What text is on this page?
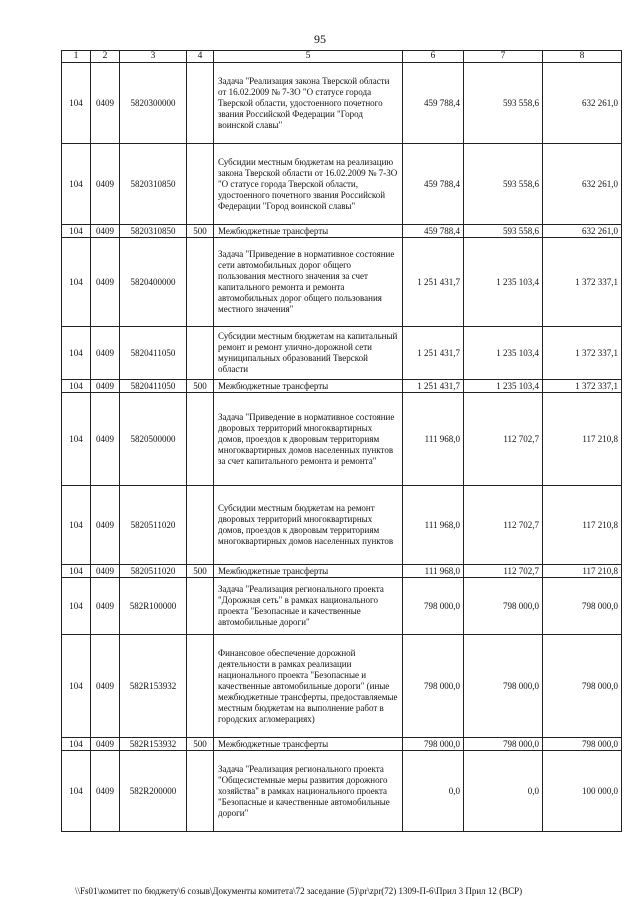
95
1	2	3	4	5	6	7	8
104	0409	5820300000		Задача "Реализация закона Тверской области от 16.02.2009 № 7-ЗО "О статусе города Тверской области, удостоенного почетного звания Российской Федерации "Город воинской славы"	459 788,4	593 558,6	632 261,0
104	0409	5820310850		Субсидии местным бюджетам на реализацию закона Тверской области от 16.02.2009 № 7-ЗО "О статусе города Тверской области, удостоенного почетного звания Российской Федерации "Город воинской славы"	459 788,4	593 558,6	632 261,0
104	0409	5820310850	500	Межбюджетные трансферты	459 788,4	593 558,6	632 261,0
104	0409	5820400000		Задача "Приведение в нормативное состояние сети автомобильных дорог общего пользования местного значения за счет капитального ремонта и ремонта автомобильных дорог общего пользования местного значения"	1 251 431,7	1 235 103,4	1 372 337,1
104	0409	5820411050		Субсидии местным бюджетам на капитальный ремонт и ремонт улично-дорожной сети муниципальных образований Тверской области	1 251 431,7	1 235 103,4	1 372 337,1
104	0409	5820411050	500	Межбюджетные трансферты	1 251 431,7	1 235 103,4	1 372 337,1
104	0409	5820500000		Задача "Приведение в нормативное состояние дворовых территорий многоквартирных домов, проездов к дворовым территориям многоквартирных домов населенных пунктов за счет капитального ремонта и ремонта"	111 968,0	112 702,7	117 210,8
104	0409	5820511020		Субсидии местным бюджетам на ремонт дворовых территорий многоквартирных домов, проездов к дворовым территориям многоквартирных домов населенных пунктов	111 968,0	112 702,7	117 210,8
104	0409	5820511020	500	Межбюджетные трансферты	111 968,0	112 702,7	117 210,8
104	0409	582R100000		Задача "Реализация регионального проекта "Дорожная сеть" в рамках национального проекта "Безопасные и качественные автомобильные дороги"	798 000,0	798 000,0	798 000,0
104	0409	582R153932		Финансовое обеспечение дорожной деятельности в рамках реализации национального проекта "Безопасные и качественные автомобильные дороги" (иные межбюджетные трансферты, предоставляемые местным бюджетам на выполнение работ в городских агломерациях)	798 000,0	798 000,0	798 000,0
104	0409	582R153932	500	Межбюджетные трансферты	798 000,0	798 000,0	798 000,0
104	0409	582R200000		Задача "Реализация регионального проекта "Общесистемные меры развития дорожного хозяйства" в рамках национального проекта "Безопасные и качественные автомобильные дороги"	0,0	0,0	100 000,0
\\Fs01\комитет по бюджету\6 созыв\Документы комитета\72 заседание (5)\pr\zpr(72) 1309-П-6\Прил 3 Прил 12 (ВСР)
